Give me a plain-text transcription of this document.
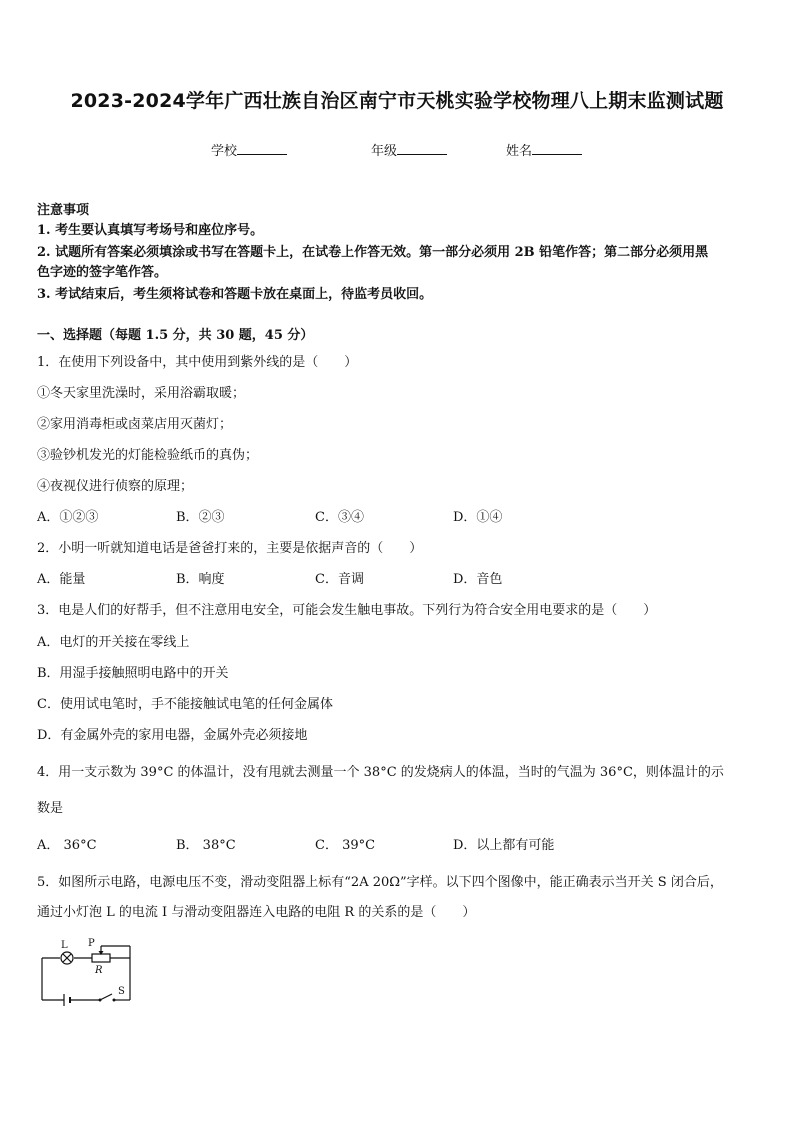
2023-2024学年广西壮族自治区南宁市天桃实验学校物理八上期末监测试题
学校	年级	姓名
注意事项
1. 考生要认真填写考场号和座位序号。
2. 试题所有答案必须填涂或书写在答题卡上，在试卷上作答无效。第一部分必须用 2B 铅笔作答；第二部分必须用黑
色字迹的签字笔作答。
3. 考试结束后，考生须将试卷和答题卡放在桌面上，待监考员收回。
一、选择题（每题 1.5 分，共 30 题，45 分）
1．在使用下列设备中，其中使用到紫外线的是（　　）
①冬天家里洗澡时，采用浴霸取暖；
②家用消毒柜或卤菜店用灭菌灯；
③验钞机发光的灯能检验纸币的真伪；
④夜视仪进行侦察的原理；
A．①②③	B．②③	C．③④	D．①④
2．小明一听就知道电话是爸爸打来的，主要是依据声音的（　　）
A．能量	B．响度	C．音调	D．音色
3．电是人们的好帮手，但不注意用电安全，可能会发生触电事故。下列行为符合安全用电要求的是（　　）
A．电灯的开关接在零线上
B．用湿手接触照明电路中的开关
C．使用试电笔时，手不能接触试电笔的任何金属体
D．有金属外壳的家用电器，金属外壳必须接地
4．用一支示数为 39°C 的体温计，没有甩就去测量一个 38°C 的发烧病人的体温，当时的气温为 36°C，则体温计的示
数是
A． 36°C	B． 38°C	C． 39°C	D．以上都有可能
5．如图所示电路，电源电压不变，滑动变阻器上标有“2A 20Ω”字样。以下四个图像中，能正确表示当开关 S 闭合后，
通过小灯泡 L 的电流 I 与滑动变阻器连入电路的电阻 R 的关系的是（　　）
L P
R
S
